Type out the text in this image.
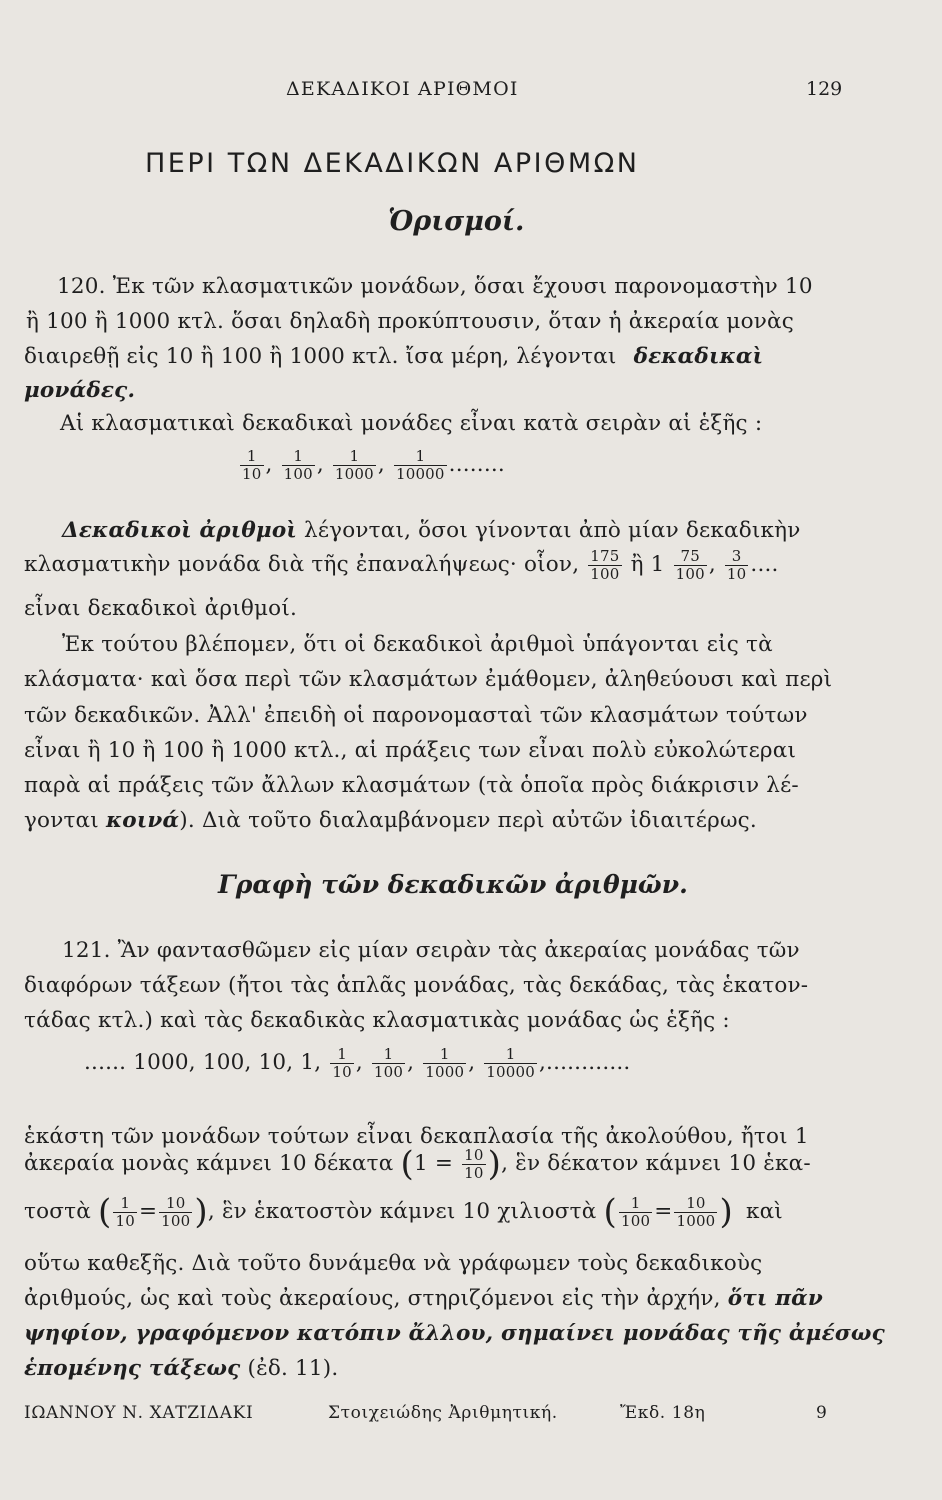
ΔΕΚΑΔΙΚΟΙ ΑΡΙΘΜΟΙ	129
ΠΕΡΙ ΤΩΝ ΔΕΚΑΔΙΚΩΝ ΑΡΙΘΜΩΝ
Ὁρισμοί.
120. Ἐκ τῶν κλασματικῶν μονάδων, ὅσαι ἔχουσι παρονομαστὴν 10
ἢ 100 ἢ 1000 κτλ. ὅσαι δηλαδὴ προκύπτουσιν, ὅταν ἡ ἀκεραία μονὰς
διαιρεθῇ εἰς 10 ἢ 100 ἢ 1000 κτλ. ἴσα μέρη, λέγονται δεκαδικαὶ
μονάδες.
Αἱ κλασματικαὶ δεκαδικαὶ μονάδες εἶναι κατὰ σειρὰν αἱ ἑξῆς :
$\frac{1}{10}$ , $\frac{1}{100}$ , $\frac{1}{1000}$ , $\frac{1}{10000}$ ........
Δεκαδικοὶ ἀριθμοὶ λέγονται, ὅσοι γίνονται ἀπὸ μίαν δεκαδικὴν
κλασματικὴν μονάδα διὰ τῆς ἐπαναλήψεως· οἷον, $\frac{175}{100}$ ἢ $1 \frac{75}{100}$ , $\frac{3}{10}$ ....
εἶναι δεκαδικοὶ ἀριθμοί.
Ἐκ τούτου βλέπομεν, ὅτι οἱ δεκαδικοὶ ἀριθμοὶ ὑπάγονται εἰς τὰ
κλάσματα· καὶ ὅσα περὶ τῶν κλασμάτων ἐμάθομεν, ἀληθεύουσι καὶ περὶ
τῶν δεκαδικῶν. Ἀλλ' ἐπειδὴ οἱ παρονομασταὶ τῶν κλασμάτων τούτων
εἶναι ἢ 10 ἢ 100 ἢ 1000 κτλ., αἱ πράξεις των εἶναι πολὺ εὐκολώτεραι
παρὰ αἱ πράξεις τῶν ἄλλων κλασμάτων (τὰ ὁποῖα πρὸς διάκρισιν λέ-
γονται κοινά). Διὰ τοῦτο διαλαμβάνομεν περὶ αὐτῶν ἰδιαιτέρως.
Γραφὴ τῶν δεκαδικῶν ἀριθμῶν.
121. Ἂν φαντασθῶμεν εἰς μίαν σειρὰν τὰς ἀκεραίας μονάδας τῶν
διαφόρων τάξεων (ἤτοι τὰς ἁπλᾶς μονάδας, τὰς δεκάδας, τὰς ἑκατον-
τάδας κτλ.) καὶ τὰς δεκαδικὰς κλασματικὰς μονάδας ὡς ἑξῆς :
...... 1000, 100, 10, 1, $\frac{1}{10}$ , $\frac{1}{100}$ , $\frac{1}{1000}$ , $\frac{1}{10000}$ ,............
ἑκάστη τῶν μονάδων τούτων εἶναι δεκαπλασία τῆς ἀκολούθου, ἤτοι 1
ἀκεραία μονὰς κάμνει 10 δέκατα ($1 = \frac{10}{10}$ ), ἓν δέκατον κάμνει 10 ἑκα-
τοστὰ ( $\frac{1}{10} = \frac{10}{100}$ ), ἓν ἑκατοστὸν κάμνει 10 χιλιοστὰ ( $\frac{1}{100} = \frac{10}{1000}$ ) καὶ
οὕτω καθεξῆς. Διὰ τοῦτο δυνάμεθα νὰ γράφωμεν τοὺς δεκαδικοὺς
ἀριθμούς, ὡς καὶ τοὺς ἀκεραίους, στηριζόμενοι εἰς τὴν ἀρχήν, ὅτι πᾶν
ψηφίον, γραφόμενον κατόπιν ἄλλου, σημαίνει μονάδας τῆς ἀμέσως
ἑπομένης τάξεως (ἐδ. 11).
ΙΩΑΝΝΟΥ Ν. ΧΑΤΖΙΔΑΚΙ	Στοιχειώδης Ἀριθμητική.	Ἔκδ. 18η	9
